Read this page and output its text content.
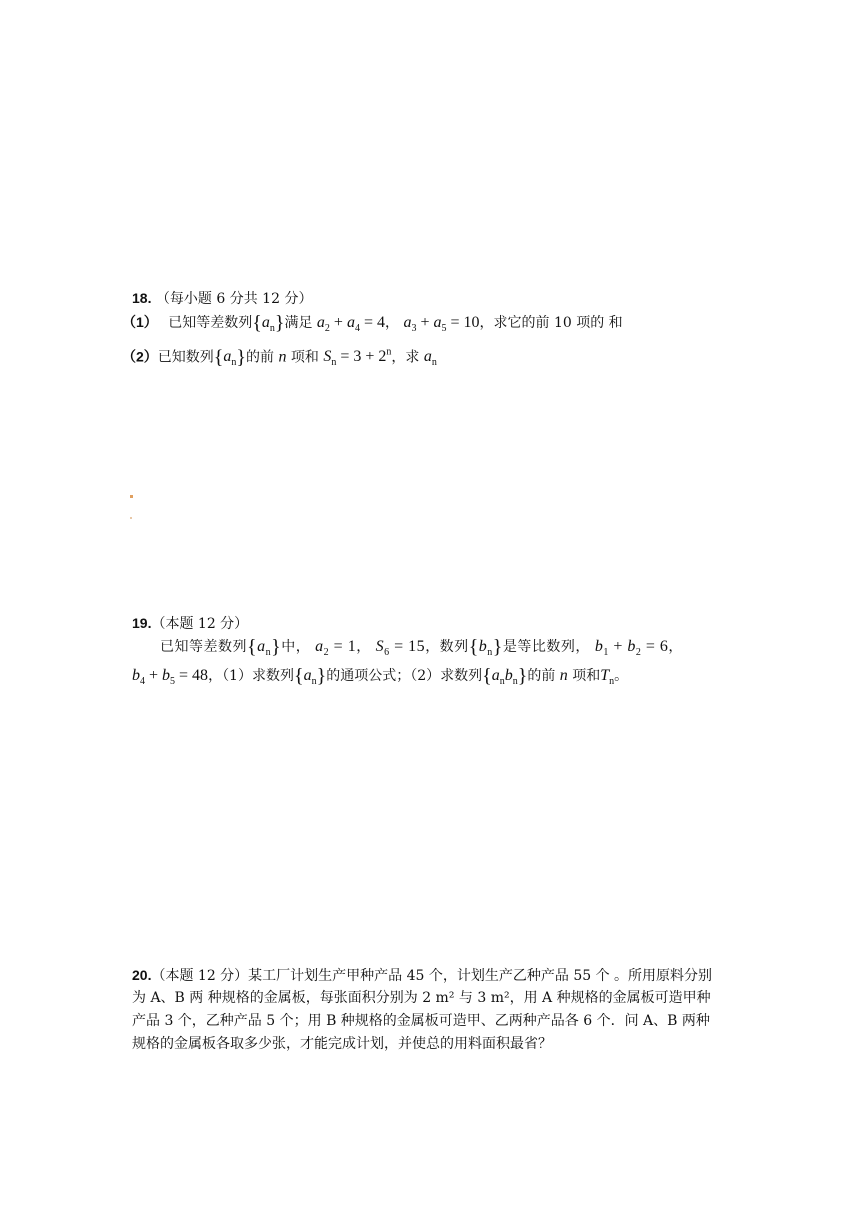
18. （每小题 6 分共 12 分）
（1） 已知等差数列$\{a_n\}$满足 $a_2 + a_4 = 4$， $a_3 + a_5 = 10$，求它的前 10 项的 和
（2）已知数列$\{a_n\}$的前 n 项和 $S_n = 3 + 2^n$，求 $a_n$
19.（本题 12 分）
已知等差数列$\{a_n\}$中， $a_2 = 1$， $S_6 = 15$，数列$\{b_n\}$是等比数列， $b_1 + b_2 = 6$，
$b_4 + b_5 = 48$，（1）求数列$\{a_n\}$的通项公式；（2）求数列$\{a_nb_n\}$的前 n 项和$T_n$。
20.（本题 12 分）某工厂计划生产甲种产品 45 个，计划生产乙种产品 55 个 。所用原料分别
为 A、B 两 种规格的金属板，每张面积分别为 2 m² 与 3 m²，用 A 种规格的金属板可造甲种
产品 3 个，乙种产品 5 个；用 B 种规格的金属板可造甲、乙两种产品各 6 个．问 A、B 两种
规格的金属板各取多少张，才能完成计划，并使总的用料面积最省？
